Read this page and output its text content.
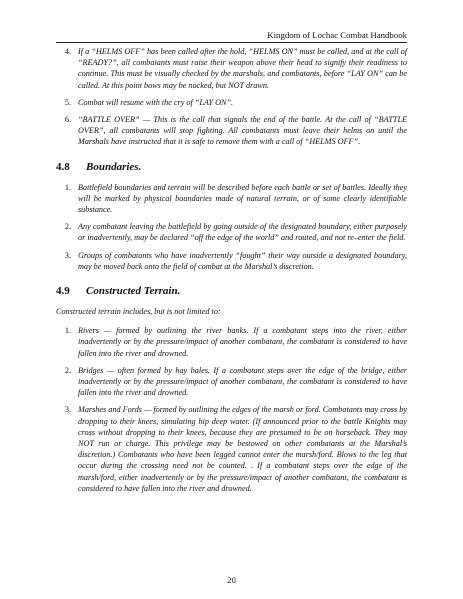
Kingdom of Lochac Combat Handbook
4. If a “HELMS OFF” has been called after the hold, “HELMS ON” must be called, and at the call of “READY?”, all combatants must raise their weapon above their head to signify their readiness to continue. This must be visually checked by the marshals, and combatants, before “LAY ON” can be called. At this point bows may be nocked, but NOT drawn.
5. Combat will resume with the cry of “LAY ON”.
6. “BATTLE OVER” — This is the call that signals the end of the battle. At the call of “BATTLE OVER”, all combatants will stop fighting. All combatants must leave their helms on until the Marshals have instructed that it is safe to remove them with a call of “HELMS OFF”.
4.8 Boundaries.
1. Battlefield boundaries and terrain will be described before each battle or set of battles. Ideally they will be marked by physical boundaries made of natural terrain, or of some clearly identifiable substance.
2. Any combatant leaving the battlefield by going outside of the designated boundary, either purposely or inadvertently, may be declared “off the edge of the world” and routed, and not re–enter the field.
3. Groups of combatants who have inadvertently “fought” their way outside a designated boundary, may be moved back onto the field of combat at the Marshal’s discretion.
4.9 Constructed Terrain.

Constructed terrain includes, but is not limited to:

1. Rivers — formed by outlining the river banks. If a combatant steps into the river, either inadvertently or by the pressure/impact of another combatant, the combatant is considered to have fallen into the river and drowned.
2. Bridges — often formed by hay bales. If a combatant steps over the edge of the bridge, either inadvertently or by the pressure/impact of another combatant, the combatant is considered to have fallen into the river and drowned.
3. Marshes and Fords — formed by outlining the edges of the marsh or ford. Combatants may cross by dropping to their knees, simulating hip deep water. (If announced prior to the battle Knights may cross without dropping to their knees, because they are presumed to be on horseback. They may NOT run or charge. This privilege may be bestowed on other combatants at the Marshal’s discretion.) Combatants who have been legged cannot enter the marsh/ford. Blows to the leg that occur during the crossing need not be counted. . If a combatant steps over the edge of the marsh/ford, either inadvertently or by the pressure/impact of another combatant, the combatant is considered to have fallen into the river and drowned.
20
